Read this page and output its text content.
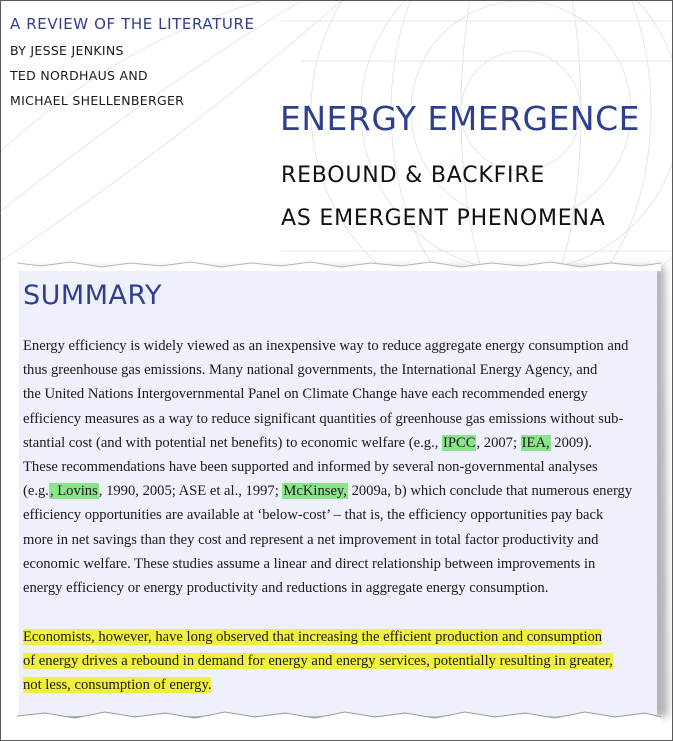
A REVIEW OF THE LITERATURE
BY JESSE JENKINS
TED NORDHAUS AND
MICHAEL SHELLENBERGER	ENERGY EMERGENCE
REBOUND & BACKFIRE
AS EMERGENT PHENOMENA
SUMMARY
Energy efficiency is widely viewed as an inexpensive way to reduce aggregate energy consumption and
thus greenhouse gas emissions. Many national governments, the International Energy Agency, and
the United Nations Intergovernmental Panel on Climate Change have each recommended energy
efficiency measures as a way to reduce significant quantities of greenhouse gas emissions without sub-
stantial cost (and with potential net benefits) to economic welfare (e.g., IPCC, 2007; IEA, 2009).
These recommendations have been supported and informed by several non-governmental analyses
(e.g., Lovins, 1990, 2005; ASE et al., 1997; McKinsey, 2009a, b) which conclude that numerous energy
efficiency opportunities are available at ‘below-cost’ – that is, the efficiency opportunities pay back
more in net savings than they cost and represent a net improvement in total factor productivity and
economic welfare. These studies assume a linear and direct relationship between improvements in
energy efficiency or energy productivity and reductions in aggregate energy consumption.
Economists, however, have long observed that increasing the efficient production and consumption
of energy drives a rebound in demand for energy and energy services, potentially resulting in greater,
not less, consumption of energy.
